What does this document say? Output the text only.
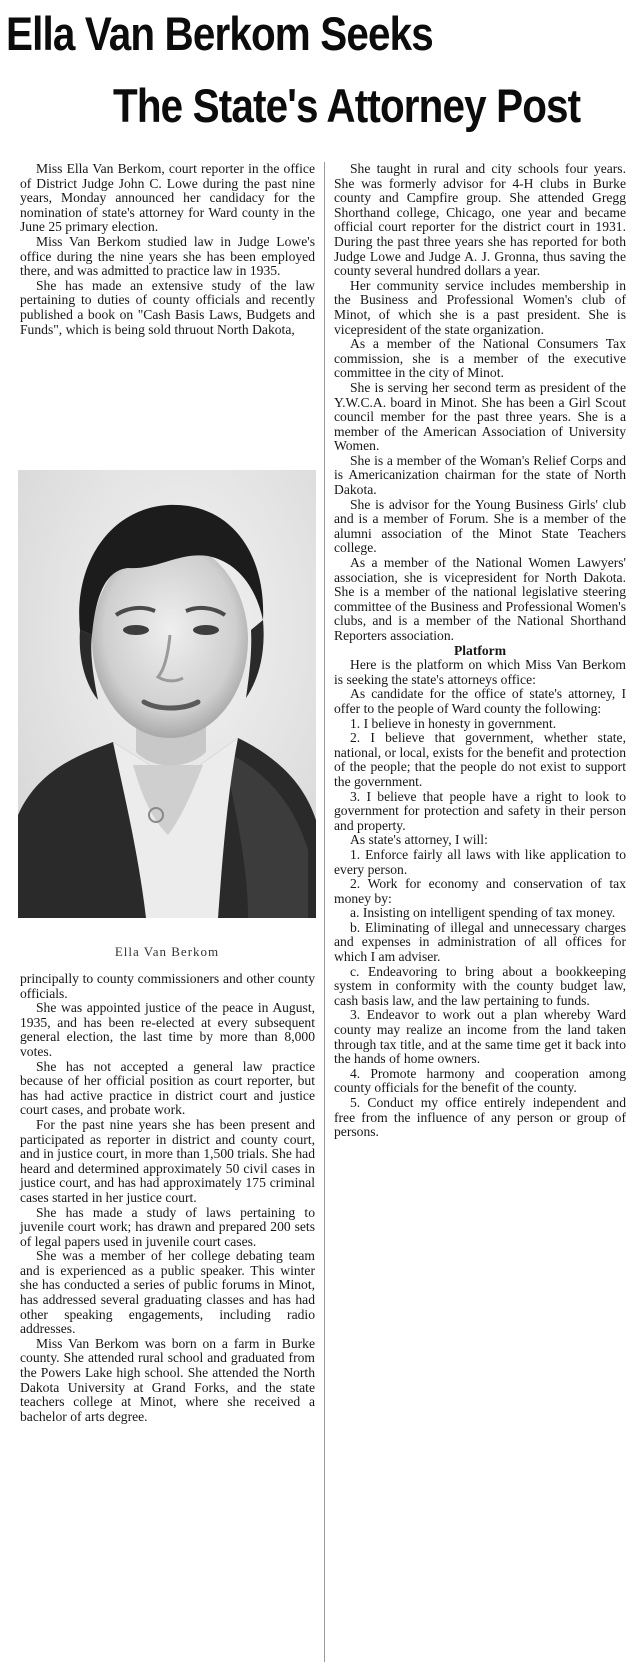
Ella Van Berkom Seeks
The State's Attorney Post

Miss Ella Van Berkom, court reporter in the office of District Judge John C. Lowe during the past nine years, Monday announced her candidacy for the nomination of state's attorney for Ward county in the June 25 primary election.

Miss Van Berkom studied law in Judge Lowe's office during the nine years she has been employed there, and was admitted to practice law in 1935.

She has made an extensive study of the law pertaining to duties of county officials and recently published a book on "Cash Basis Laws, Budgets and Funds", which is being sold thruout North Dakota,

Ella Van Berkom

principally to county commissioners and other county officials.

She was appointed justice of the peace in August, 1935, and has been re-elected at every subsequent general election, the last time by more than 8,000 votes.

She has not accepted a general law practice because of her official position as court reporter, but has had active practice in district court and justice court cases, and probate work.

For the past nine years she has been present and participated as reporter in district and county court, and in justice court, in more than 1,500 trials. She had heard and determined approximately 50 civil cases in justice court, and has had approximately 175 criminal cases started in her justice court.

She has made a study of laws pertaining to juvenile court work; has drawn and prepared 200 sets of legal papers used in juvenile court cases.

She was a member of her college debating team and is experienced as a public speaker. This winter she has conducted a series of public forums in Minot, has addressed several graduating classes and has had other speaking engagements, including radio addresses.

Miss Van Berkom was born on a farm in Burke county. She attended rural school and graduated from the Powers Lake high school. She attended the North Dakota University at Grand Forks, and the state teachers college at Minot, where she received a bachelor of arts degree.

She taught in rural and city schools four years. She was formerly advisor for 4-H clubs in Burke county and Campfire group. She attended Gregg Shorthand college, Chicago, one year and became official court reporter for the district court in 1931. During the past three years she has reported for both Judge Lowe and Judge A. J. Gronna, thus saving the county several hundred dollars a year.

Her community service includes membership in the Business and Professional Women's club of Minot, of which she is a past president. She is vicepresident of the state organization.

As a member of the National Consumers Tax commission, she is a member of the executive committee in the city of Minot.

She is serving her second term as president of the Y.W.C.A. board in Minot. She has been a Girl Scout council member for the past three years. She is a member of the American Association of University Women.

She is a member of the Woman's Relief Corps and is Americanization chairman for the state of North Dakota.

She is advisor for the Young Business Girls' club and is a member of Forum. She is a member of the alumni association of the Minot State Teachers college.

As a member of the National Women Lawyers' association, she is vicepresident for North Dakota. She is a member of the national legislative steering committee of the Business and Professional Women's clubs, and is a member of the National Shorthand Reporters association.

Platform

Here is the platform on which Miss Van Berkom is seeking the state's attorneys office:

As candidate for the office of state's attorney, I offer to the people of Ward county the following:

1. I believe in honesty in government.

2. I believe that government, whether state, national, or local, exists for the benefit and protection of the people; that the people do not exist to support the government.

3. I believe that people have a right to look to government for protection and safety in their person and property.

As state's attorney, I will:

1. Enforce fairly all laws with like application to every person.

2. Work for economy and conservation of tax money by:

a. Insisting on intelligent spending of tax money.

b. Eliminating of illegal and unnecessary charges and expenses in administration of all offices for which I am adviser.

c. Endeavoring to bring about a bookkeeping system in conformity with the county budget law, cash basis law, and the law pertaining to funds.

3. Endeavor to work out a plan whereby Ward county may realize an income from the land taken through tax title, and at the same time get it back into the hands of home owners.

4. Promote harmony and cooperation among county officials for the benefit of the county.

5. Conduct my office entirely independent and free from the influence of any person or group of persons.
